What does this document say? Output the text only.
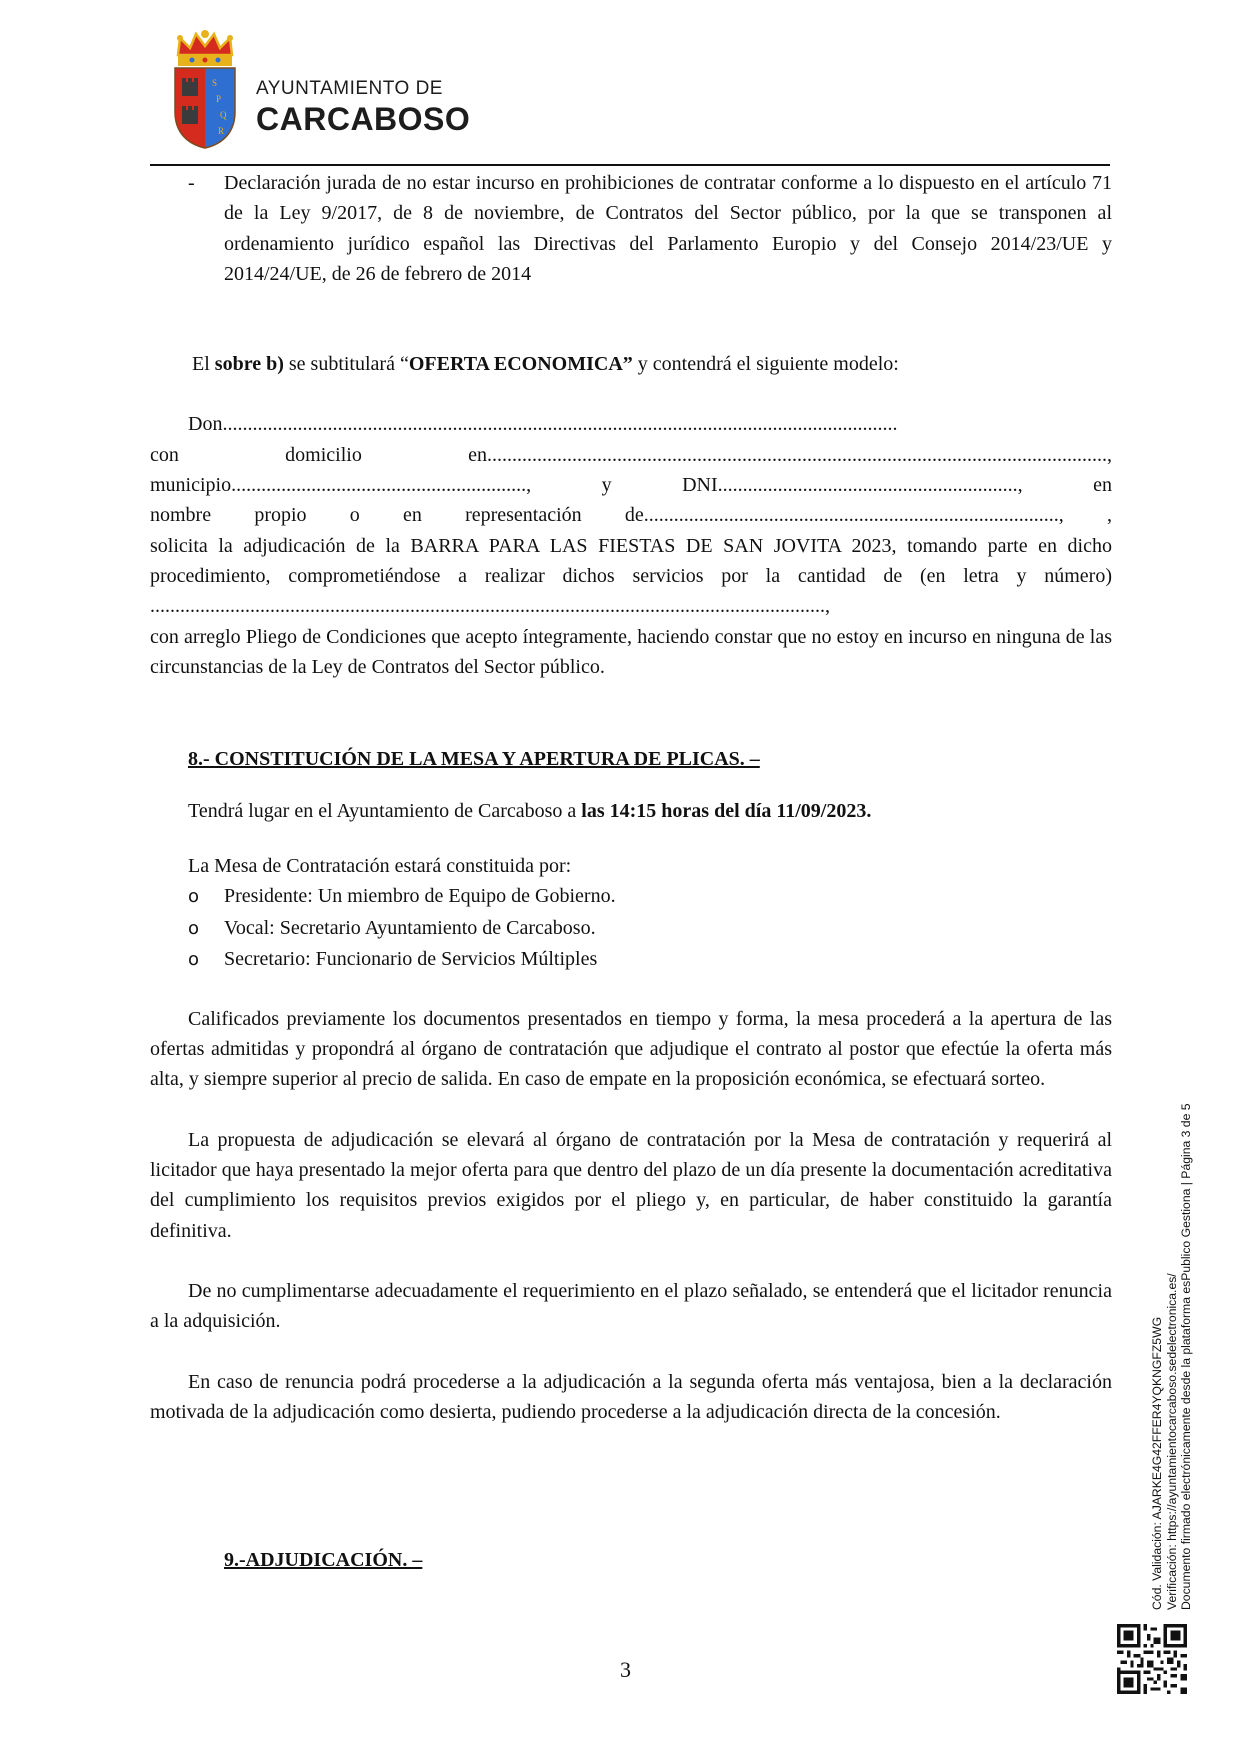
S
P
Q
R
AYUNTAMIENTO DE
CARCABOSO
- Declaración jurada de no estar incurso en prohibiciones de contratar conforme a lo dispuesto en el artículo 71 de la Ley 9/2017, de 8 de noviembre, de Contratos del Sector público, por la que se transponen al ordenamiento jurídico español las Directivas del Parlamento Europio y del Consejo 2014/23/UE y 2014/24/UE, de 26 de febrero de 2014

El sobre b) se subtitulará “OFERTA ECONOMICA” y contendrá el siguiente modelo:

Don.......................................................................................................................................
con domicilio en............................................................................................................................,
municipio...........................................................,	y	DNI............................................................,	en
nombre propio o en representación de..................................................................................., ,

solicita la adjudicación de la BARRA PARA LAS FIESTAS DE SAN JOVITA 2023, tomando parte en dicho procedimiento, comprometiéndose a realizar dichos servicios por la cantidad de (en letra y número) .......................................................................................................................................,

con arreglo Pliego de Condiciones que acepto íntegramente, haciendo constar que no estoy en incurso en ninguna de las circunstancias de la Ley de Contratos del Sector público.

8.- CONSTITUCIÓN DE LA MESA Y APERTURA DE PLICAS. –

Tendrá lugar en el Ayuntamiento de Carcaboso a las 14:15 horas del día 11/09/2023.

La Mesa de Contratación estará constituida por:

o Presidente: Un miembro de Equipo de Gobierno.
o Vocal: Secretario Ayuntamiento de Carcaboso.
o Secretario: Funcionario de Servicios Múltiples

Calificados previamente los documentos presentados en tiempo y forma, la mesa procederá a la apertura de las ofertas admitidas y propondrá al órgano de contratación que adjudique el contrato al postor que efectúe la oferta más alta, y siempre superior al precio de salida. En caso de empate en la proposición económica, se efectuará sorteo.

La propuesta de adjudicación se elevará al órgano de contratación por la Mesa de contratación y requerirá al licitador que haya presentado la mejor oferta para que dentro del plazo de un día presente la documentación acreditativa del cumplimiento los requisitos previos exigidos por el pliego y, en particular, de haber constituido la garantía definitiva.

De no cumplimentarse adecuadamente el requerimiento en el plazo señalado, se entenderá que el licitador renuncia a la adquisición.

En caso de renuncia podrá procederse a la adjudicación a la segunda oferta más ventajosa, bien a la declaración motivada de la adjudicación como desierta, pudiendo procederse a la adjudicación directa de la concesión.

9.-ADJUDICACIÓN. –	Cód. Validación: AJARKE4G42FFER4YQKNGFZ5WG Verificación: https://ayuntamientocarcaboso.sedelectronica.es/ Documento firmado electrónicamente desde la plataforma esPublico Gestiona | Página 3 de 5
3
